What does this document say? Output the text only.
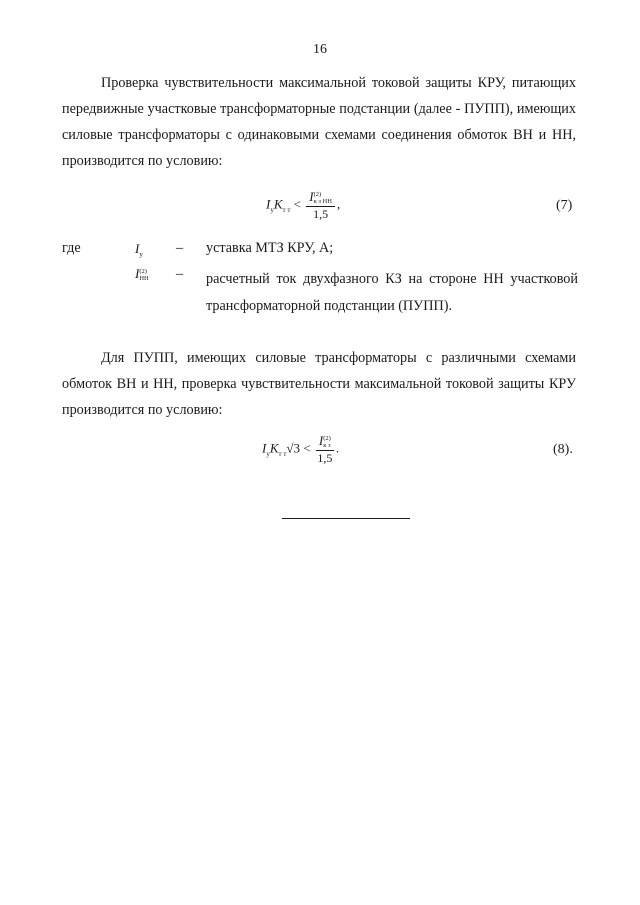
16
Проверка чувствительности максимальной токовой защиты КРУ, питающих передвижные участковые трансформаторные подстанции (далее - ПУПП), имеющих силовые трансформаторы с одинаковыми схемами соединения обмоток ВН и НН, производится по условию:
$I_уK_{т т} < I(2)$
к з НН
1,5
,	(7)
где	$I_у$ – уставка МТЗ КРУ, А;
I(2)
НН – расчетный ток двухфазного КЗ на стороне НН участковой трансформаторной подстанции (ПУПП).
Для ПУПП, имеющих силовые трансформаторы с различными схемами обмоток ВН и НН, проверка чувствительности максимальной токовой защиты КРУ производится по условию:
$I_уK_{т т}√3 < I(2)$
к з
1,5
.	(8).
